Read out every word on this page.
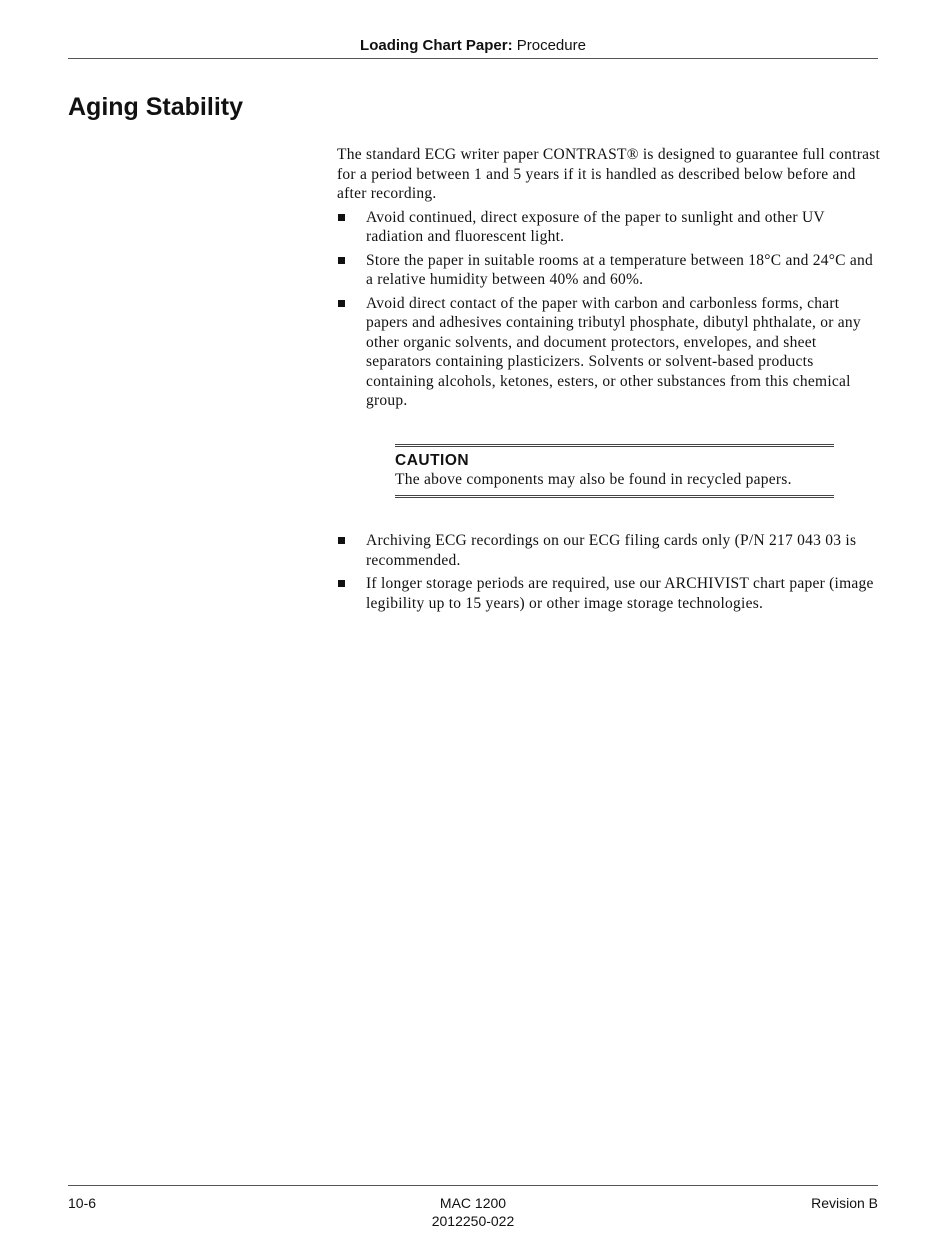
Loading Chart Paper: Procedure
Aging Stability

The standard ECG writer paper CONTRAST® is designed to guarantee full contrast for a period between 1 and 5 years if it is handled as described below before and after recording.

Avoid continued, direct exposure of the paper to sunlight and other UV radiation and fluorescent light.
Store the paper in suitable rooms at a temperature between 18°C and 24°C and a relative humidity between 40% and 60%.
Avoid direct contact of the paper with carbon and carbonless forms, chart papers and adhesives containing tributyl phosphate, dibutyl phthalate, or any other organic solvents, and document protectors, envelopes, and sheet separators containing plasticizers. Solvents or solvent-based products containing alcohols, ketones, esters, or other substances from this chemical group.
CAUTION
The above components may also be found in recycled papers.
Archiving ECG recordings on our ECG filing cards only (P/N 217 043 03 is recommended.
If longer storage periods are required, use our ARCHIVIST chart paper (image legibility up to 15 years) or other image storage technologies.
10-6	MAC 1200
2012250-022
Revision B
